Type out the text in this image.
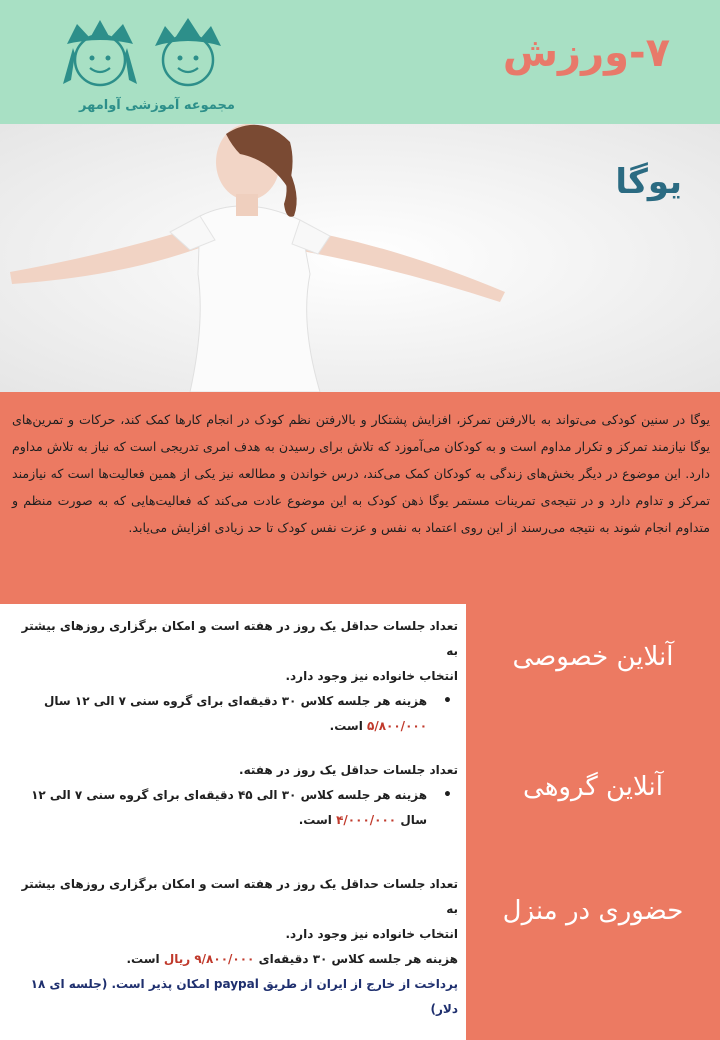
۷-ورزش
مجموعه آموزشی آوامهر
یوگا

یوگا در سنین کودکی می‌تواند به بالارفتن تمرکز، افزایش پشتکار و بالارفتن نظم کودک در انجام کارها کمک کند، حرکات و تمرین‌های یوگا نیازمند تمرکز و تکرار مداوم است و به کودکان می‌آموزد که تلاش برای رسیدن به هدف امری تدریجی است که نیاز به تلاش مداوم دارد. این موضوع در دیگر بخش‌های زندگی به کودکان کمک می‌کند، درس خواندن و مطالعه نیز یکی از همین فعالیت‌ها است که نیازمند تمرکز و تداوم دارد و در نتیجه‌ی تمرینات مستمر یوگا ذهن کودک به این موضوع عادت می‌کند که فعالیت‌هایی که به صورت منظم و متداوم انجام شوند به نتیجه می‌رسند از این روی اعتماد به نفس و عزت نفس کودک تا حد زیادی افزایش می‌یابد.

آنلاین خصوصی
آنلاین گروهی
حضوری در منزل

تعداد جلسات حداقل یک روز در هفته است و امکان برگزاری روزهای بیشتر به

انتخاب خانواده نیز وجود دارد.

•
هزینه هر جلسه کلاس ۳۰ دقیقه‌ای برای گروه سنی ۷ الی ۱۲ سال
۵/۸۰۰/۰۰۰ است.

تعداد جلسات حداقل یک روز در هفته.

•
هزینه هر جلسه کلاس ۳۰ الی ۴۵ دقیقه‌ای برای گروه سنی ۷ الی ۱۲
سال ۴/۰۰۰/۰۰۰ است.

تعداد جلسات حداقل یک روز در هفته است و امکان برگزاری روزهای بیشتر به

انتخاب خانواده نیز وجود دارد.

هزینه هر جلسه کلاس ۳۰ دقیقه‌ای ۹/۸۰۰/۰۰۰ ریال است.

پرداخت از خارج از ایران از طریق paypal امکان پذیر است. (جلسه ای ۱۸ دلار)
